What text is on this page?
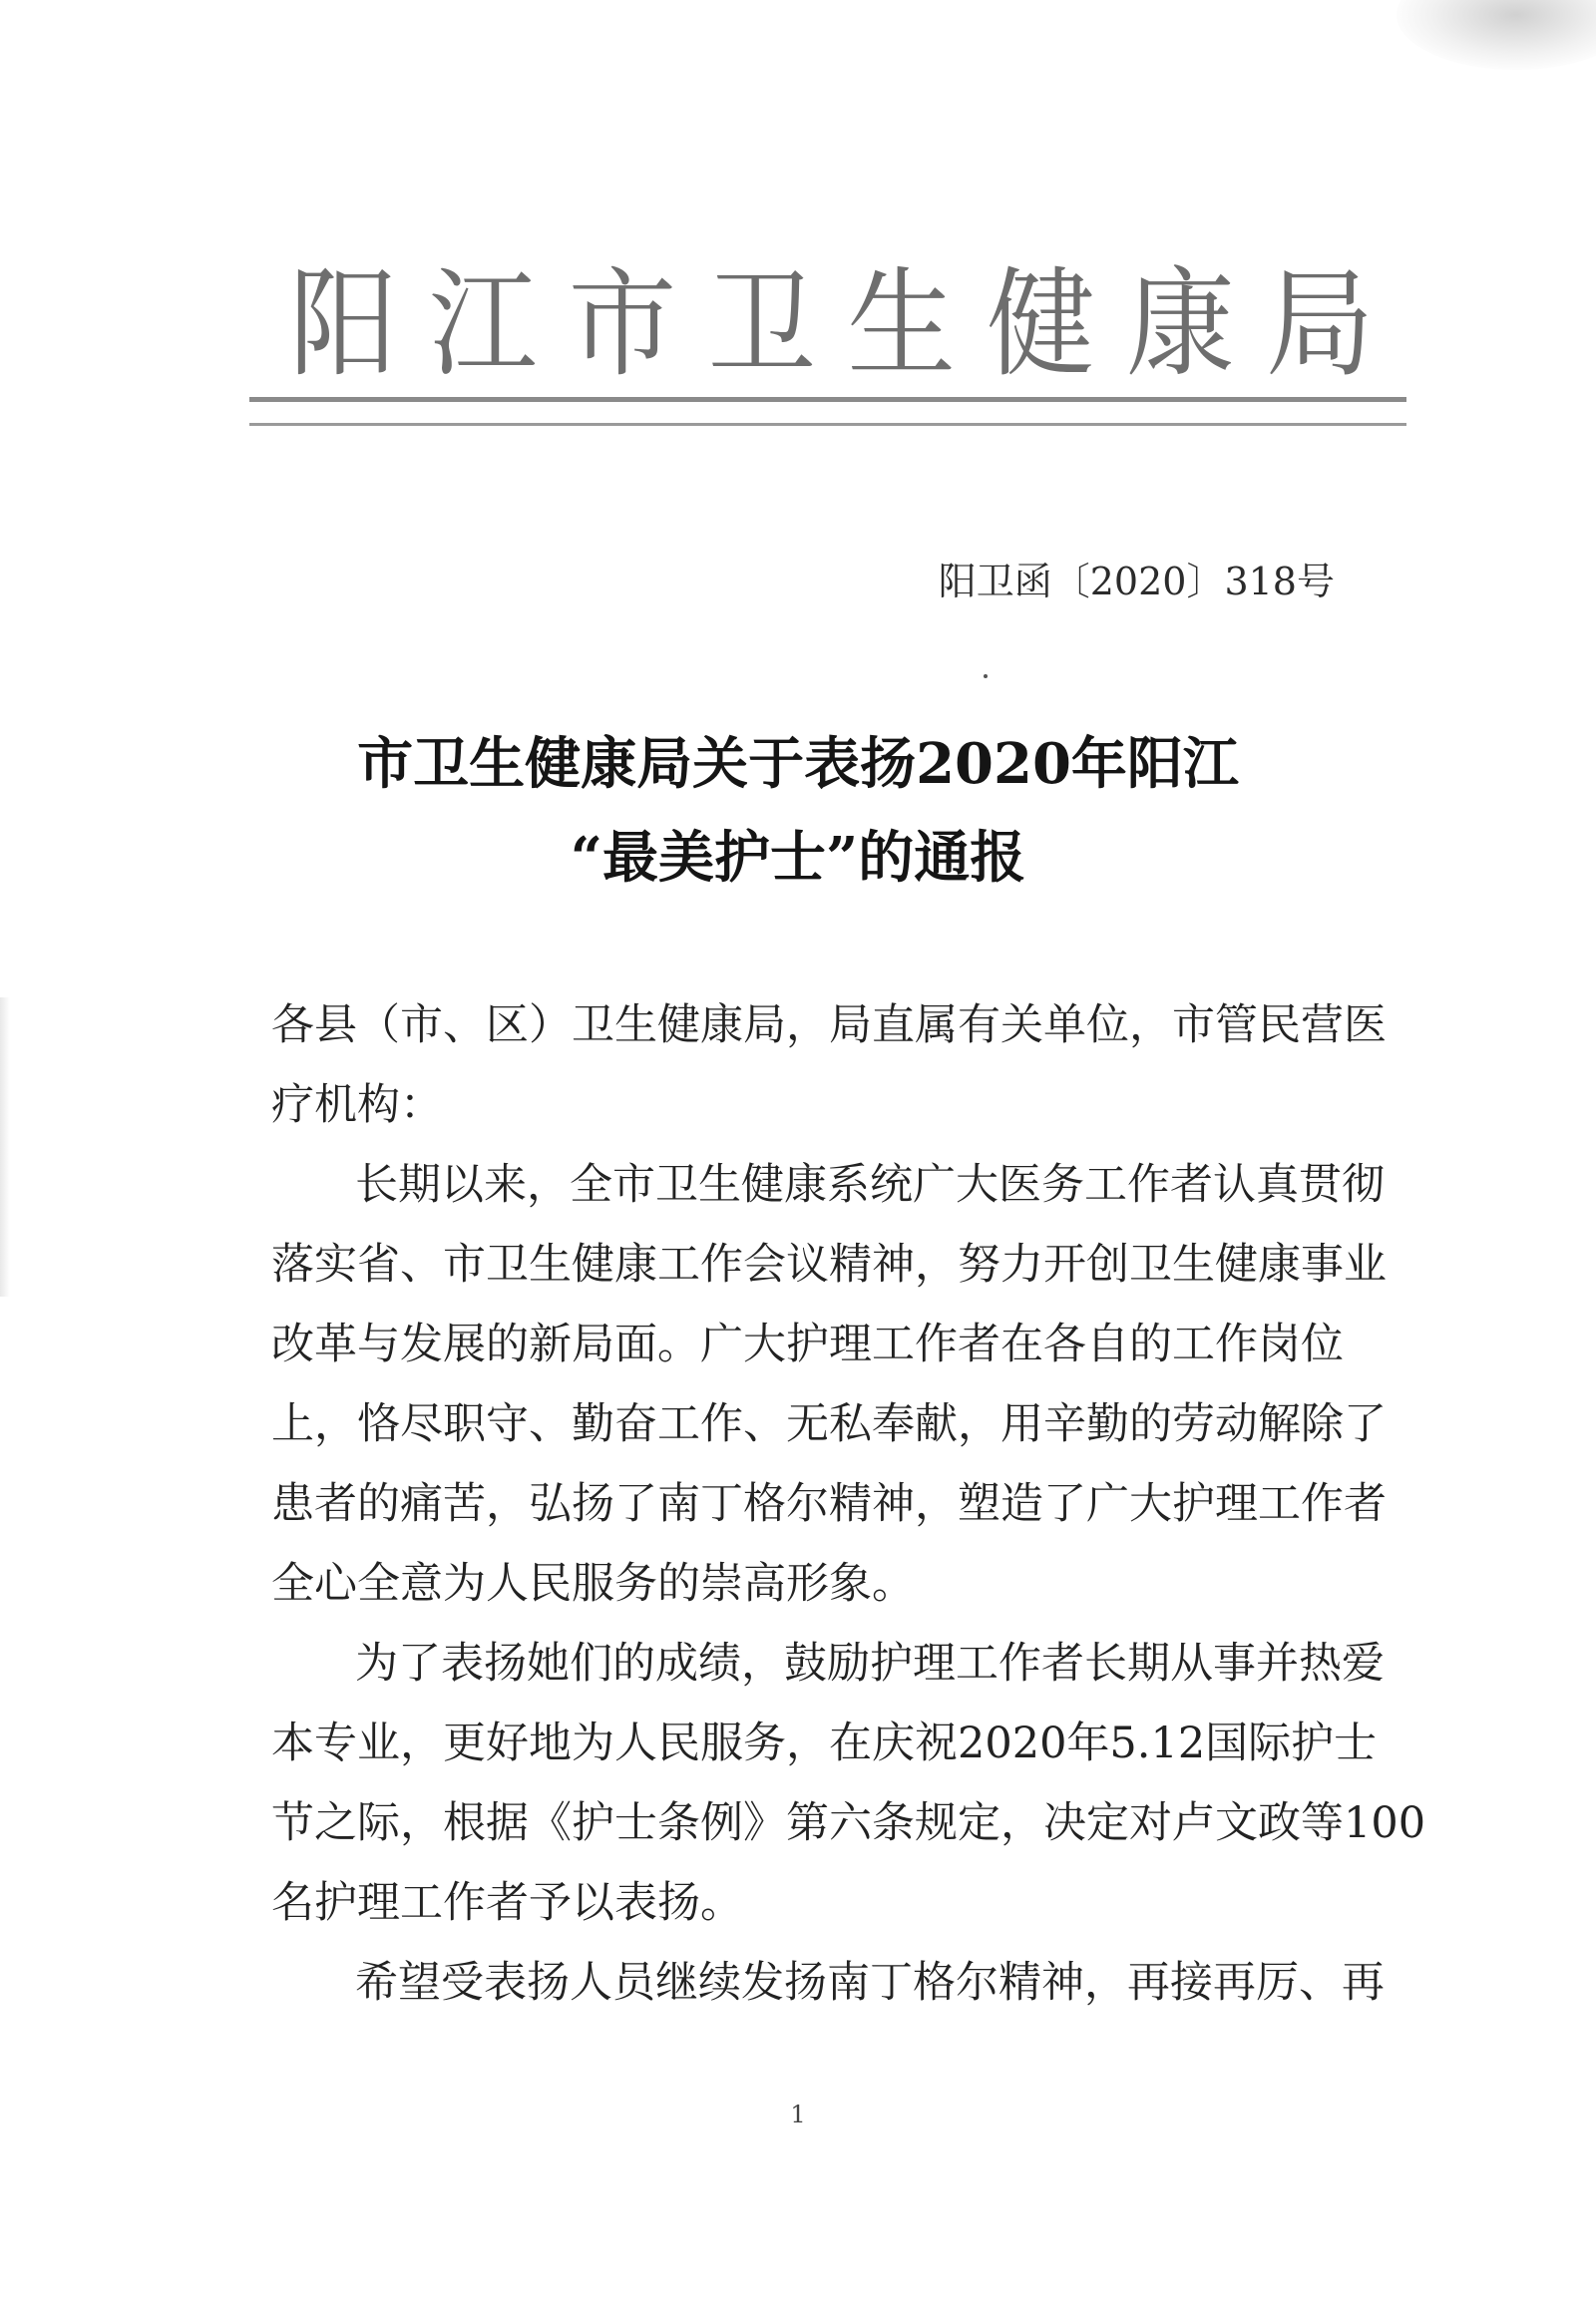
阳江市卫生健康局
阳卫函〔2020〕318号
市卫生健康局关于表扬2020年阳江
“最美护士”的通报
各县（市、区）卫生健康局，局直属有关单位，市管民营医
疗机构：
长期以来，全市卫生健康系统广大医务工作者认真贯彻
落实省、市卫生健康工作会议精神，努力开创卫生健康事业
改革与发展的新局面。广大护理工作者在各自的工作岗位
上，恪尽职守、勤奋工作、无私奉献，用辛勤的劳动解除了
患者的痛苦，弘扬了南丁格尔精神，塑造了广大护理工作者
全心全意为人民服务的崇高形象。
为了表扬她们的成绩，鼓励护理工作者长期从事并热爱
本专业，更好地为人民服务，在庆祝2020年5.12国际护士
节之际，根据《护士条例》第六条规定，决定对卢文政等100
名护理工作者予以表扬。
希望受表扬人员继续发扬南丁格尔精神，再接再厉、再
1
